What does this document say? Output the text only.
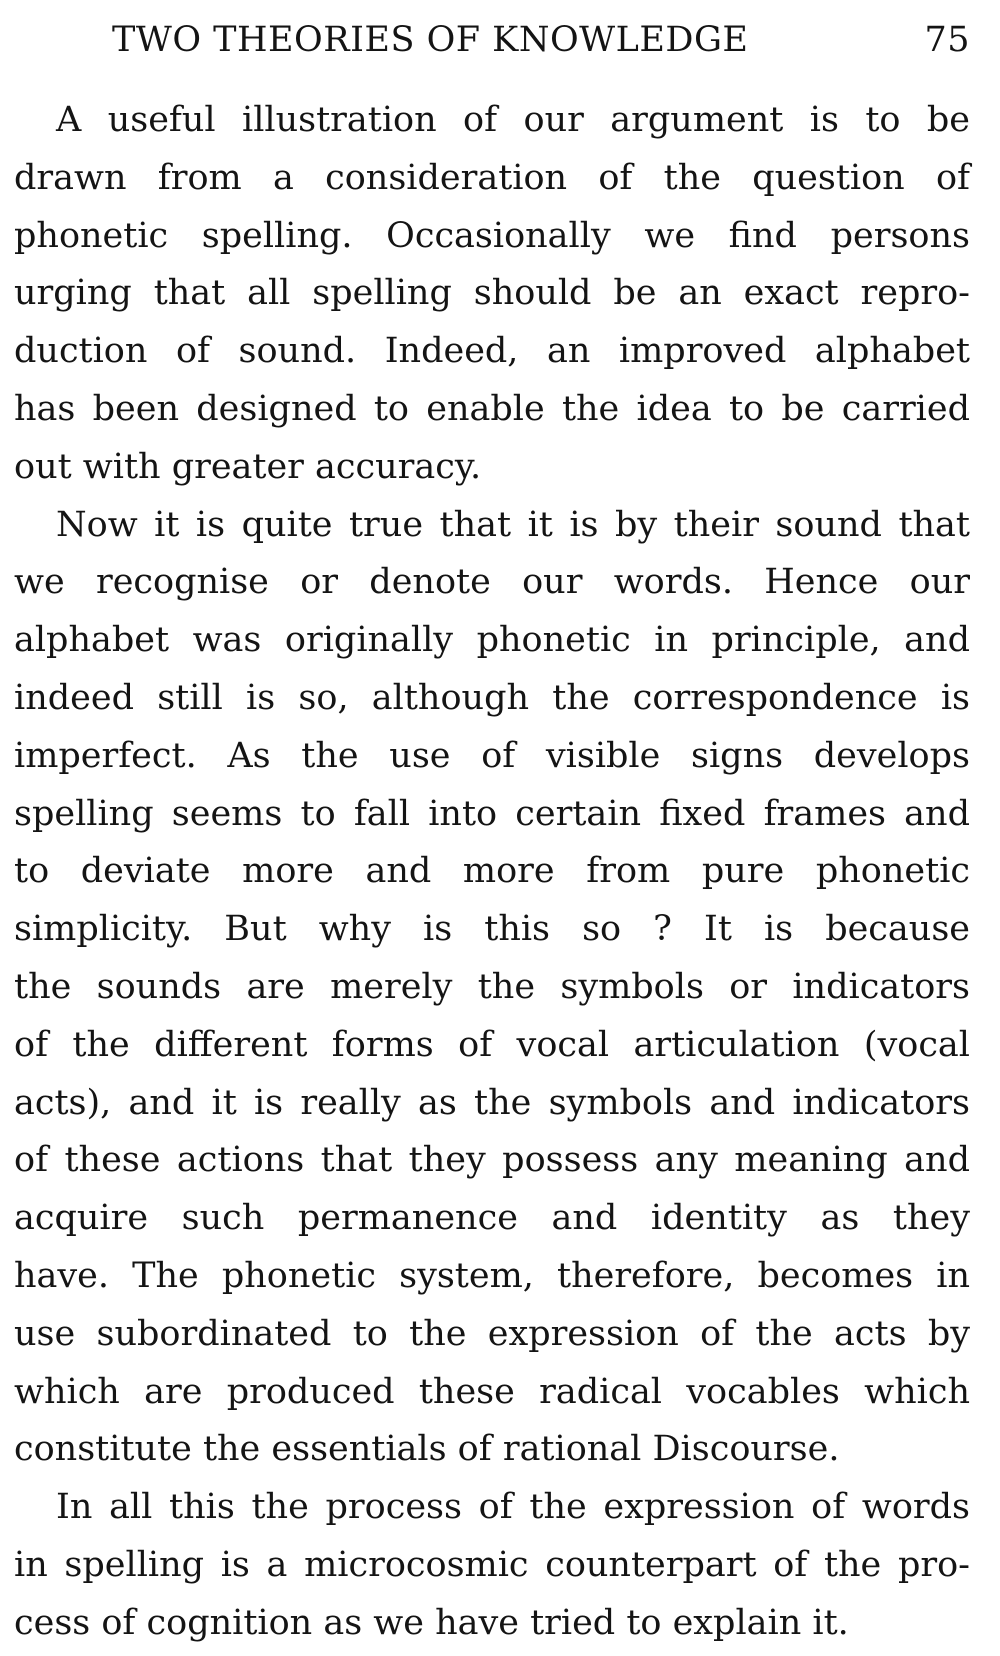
TWO THEORIES OF KNOWLEDGE	75
A useful illustration of our argument is to be
drawn from a consideration of the question of
phonetic spelling. Occasionally we find persons
urging that all spelling should be an exact repro-
duction of sound. Indeed, an improved alphabet
has been designed to enable the idea to be carried
out with greater accuracy.
Now it is quite true that it is by their sound that
we recognise or denote our words. Hence our
alphabet was originally phonetic in principle, and
indeed still is so, although the correspondence is
imperfect. As the use of visible signs develops
spelling seems to fall into certain fixed frames and
to deviate more and more from pure phonetic
simplicity. But why is this so ? It is because
the sounds are merely the symbols or indicators
of the different forms of vocal articulation (vocal
acts), and it is really as the symbols and indicators
of these actions that they possess any meaning and
acquire such permanence and identity as they
have. The phonetic system, therefore, becomes in
use subordinated to the expression of the acts by
which are produced these radical vocables which
constitute the essentials of rational Discourse.
In all this the process of the expression of words
in spelling is a microcosmic counterpart of the pro-
cess of cognition as we have tried to explain it.
